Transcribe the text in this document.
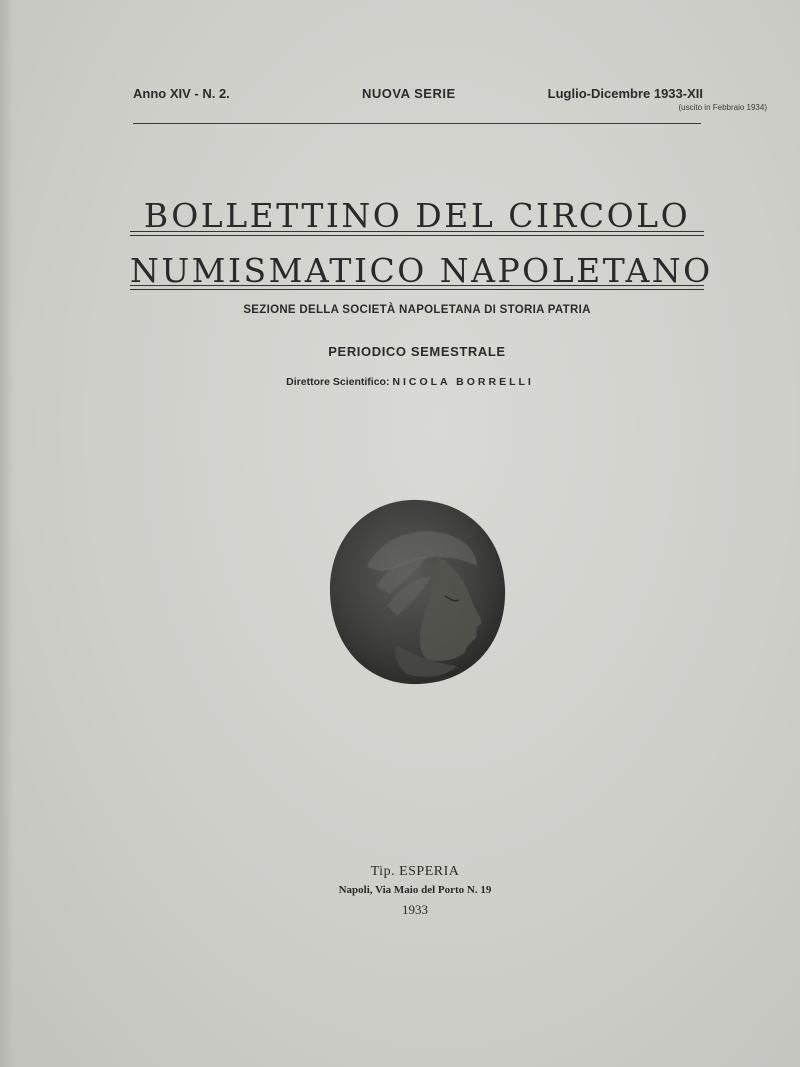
Anno XIV - N. 2.	NUOVA SERIE	Luglio-Dicembre 1933-XII
(uscito in Febbraio 1934)
BOLLETTINO DEL CIRCOLO
NUMISMATICO NAPOLETANO
SEZIONE DELLA SOCIETÀ NAPOLETANA DI STORIA PATRIA
PERIODICO SEMESTRALE
Direttore Scientifico: NICOLA BORRELLI
Tip. ESPERIA
Napoli, Via Maio del Porto N. 19
1933
